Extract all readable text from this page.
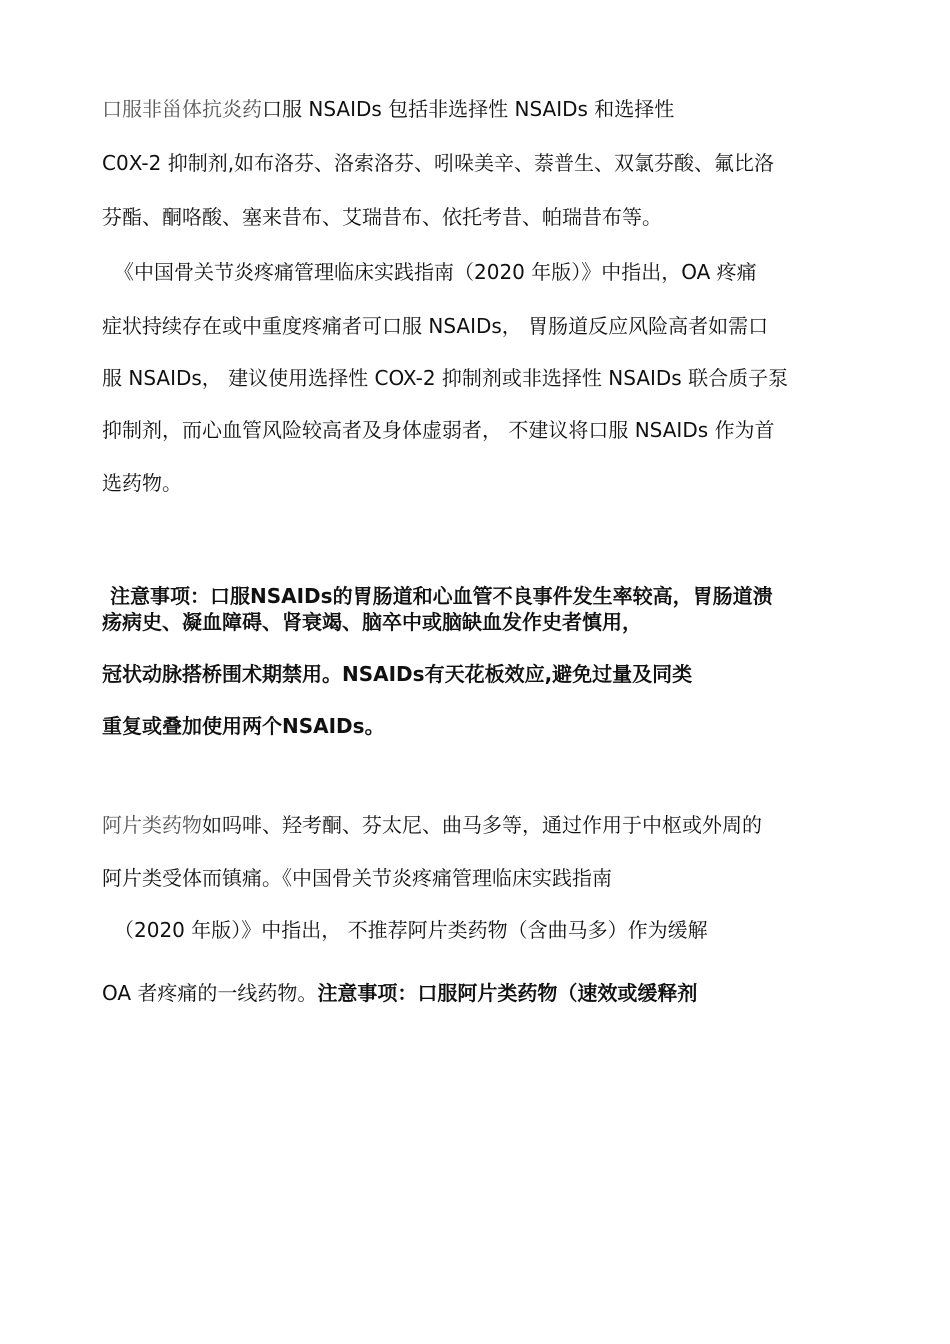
口服非甾体抗炎药口服 NSAIDs 包括非选择性 NSAIDs 和选择性
C0X-2 抑制剂,如布洛芬、洛索洛芬、吲哚美辛、萘普生、双氯芬酸、氟比洛
芬酯、酮咯酸、塞来昔布、艾瑞昔布、依托考昔、帕瑞昔布等。
《中国骨关节炎疼痛管理临床实践指南（2020 年版）》中指出，OA 疼痛
症状持续存在或中重度疼痛者可口服 NSAIDs， 胃肠道反应风险高者如需口
服 NSAIDs， 建议使用选择性 COX-2 抑制剂或非选择性 NSAIDs 联合质子泵
抑制剂，而心血管风险较高者及身体虚弱者， 不建议将口服 NSAIDs 作为首
选药物。
注意事项：口服NSAIDs的胃肠道和心血管不良事件发生率较高，胃肠道溃
疡病史、凝血障碍、肾衰竭、脑卒中或脑缺血发作史者慎用，
冠状动脉搭桥围术期禁用。NSAIDs有天花板效应,避免过量及同类
重复或叠加使用两个NSAIDs。
阿片类药物如吗啡、羟考酮、芬太尼、曲马多等，通过作用于中枢或外周的
阿片类受体而镇痛。《中国骨关节炎疼痛管理临床实践指南
（2020 年版）》中指出， 不推荐阿片类药物（含曲马多）作为缓解
OA 者疼痛的一线药物。注意事项：口服阿片类药物（速效或缓释剂
